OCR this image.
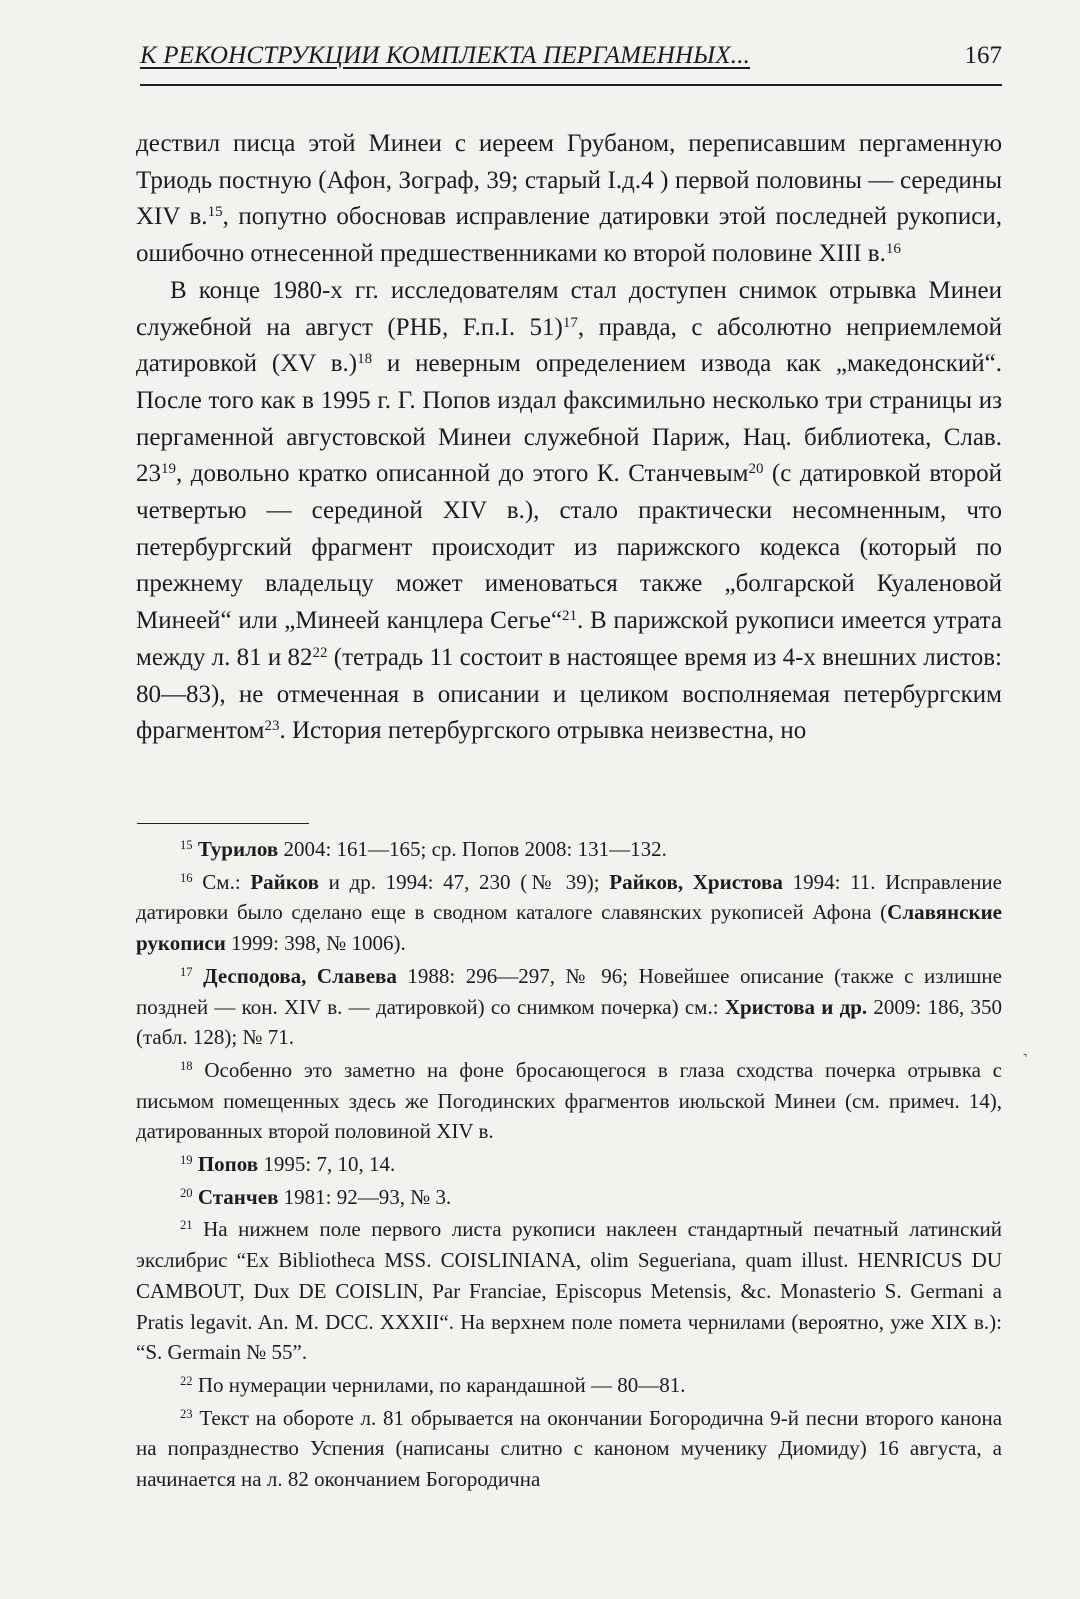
К РЕКОНСТРУКЦИИ КОМПЛЕКТА ПЕРГАМЕННЫХ...	167

дествил писца этой Минеи с иереем Грубаном, переписавшим пергаменную Триодь постную (Афон, Зограф, 39; старый I.д.4 ) первой половины — середины XIV в.$^{15}$, попутно обосновав исправление датировки этой последней рукописи, ошибочно отнесенной предшественниками ко второй половине XIII в.$^{16}$

В конце 1980-х гг. исследователям стал доступен снимок отрывка Минеи служебной на август (РНБ, F.п.I. 51)$^{17}$, правда, с абсолютно неприемлемой датировкой (XV в.)$^{18}$ и неверным определением извода как „македонский“. После того как в 1995 г. Г. Попов издал факсимильно несколько три страницы из пергаменной августовской Минеи служебной Париж, Нац. библиотека, Слав. $23^{19}$, довольно кратко описанной до этого К. Станчевым$^{20}$ (с датировкой второй четвертью — серединой XIV в.), стало практически несомненным, что петербургский фрагмент происходит из парижского кодекса (который по прежнему владельцу может именоваться также „болгарской Куаленовой Минеей“ или „Минеей канцлера Сегье“$^{21}$. В парижской рукописи имеется утрата между л. 81 и $82^{22}$ (тетрадь 11 состоит в настоящее время из 4-х внешних листов: 80—83), не отмеченная в описании и целиком восполняемая петербургским фрагментом$^{23}$. История петербургского отрывка неизвестна, но

$^{15}$ Турилов 2004: 161—165; ср. Попов 2008: 131—132.

$^{16}$ См.: Райков и др. 1994: 47, 230 (№ 39); Райков, Христова 1994: 11. Исправление датировки было сделано еще в сводном каталоге славянских рукописей Афона (Славянские рукописи 1999: 398, № 1006).

$^{17}$ Десподова, Славева 1988: 296—297, № 96; Новейшее описание (также с излишне поздней — кон. XIV в. — датировкой) со снимком почерка) см.: Христова и др. 2009: 186, 350 (табл. 128); № 71.

$^{18}$ Особенно это заметно на фоне бросающегося в глаза сходства почерка отрывка с письмом помещенных здесь же Погодинских фрагментов июльской Минеи (см. примеч. 14), датированных второй половиной XIV в.

$^{19}$ Попов 1995: 7, 10, 14.

$^{20}$ Станчев 1981: 92—93, № 3.

$^{21}$ На нижнем поле первого листа рукописи наклеен стандартный печатный латинский экслибрис “Ex Bibliotheca MSS. COISLINIANA, olim Segueriana, quam illust. HENRICUS DU CAMBOUT, Dux DE COISLIN, Par Franciae, Episcopus Metensis, &c. Monasterio S. Germani a Pratis legavit. An. M. DCC. XXXII“. На верхнем поле помета чернилами (вероятно, уже XIX в.): “S. Germain № 55”.

$^{22}$ По нумерации чернилами, по карандашной — 80—81.

$^{23}$ Текст на обороте л. 81 обрывается на окончании Богородична 9-й песни второго канона на попразднество Успения (написаны слитно с каноном мученику Диомиду) 16 августа, а начинается на л. 82 окончанием Богородична

˺
